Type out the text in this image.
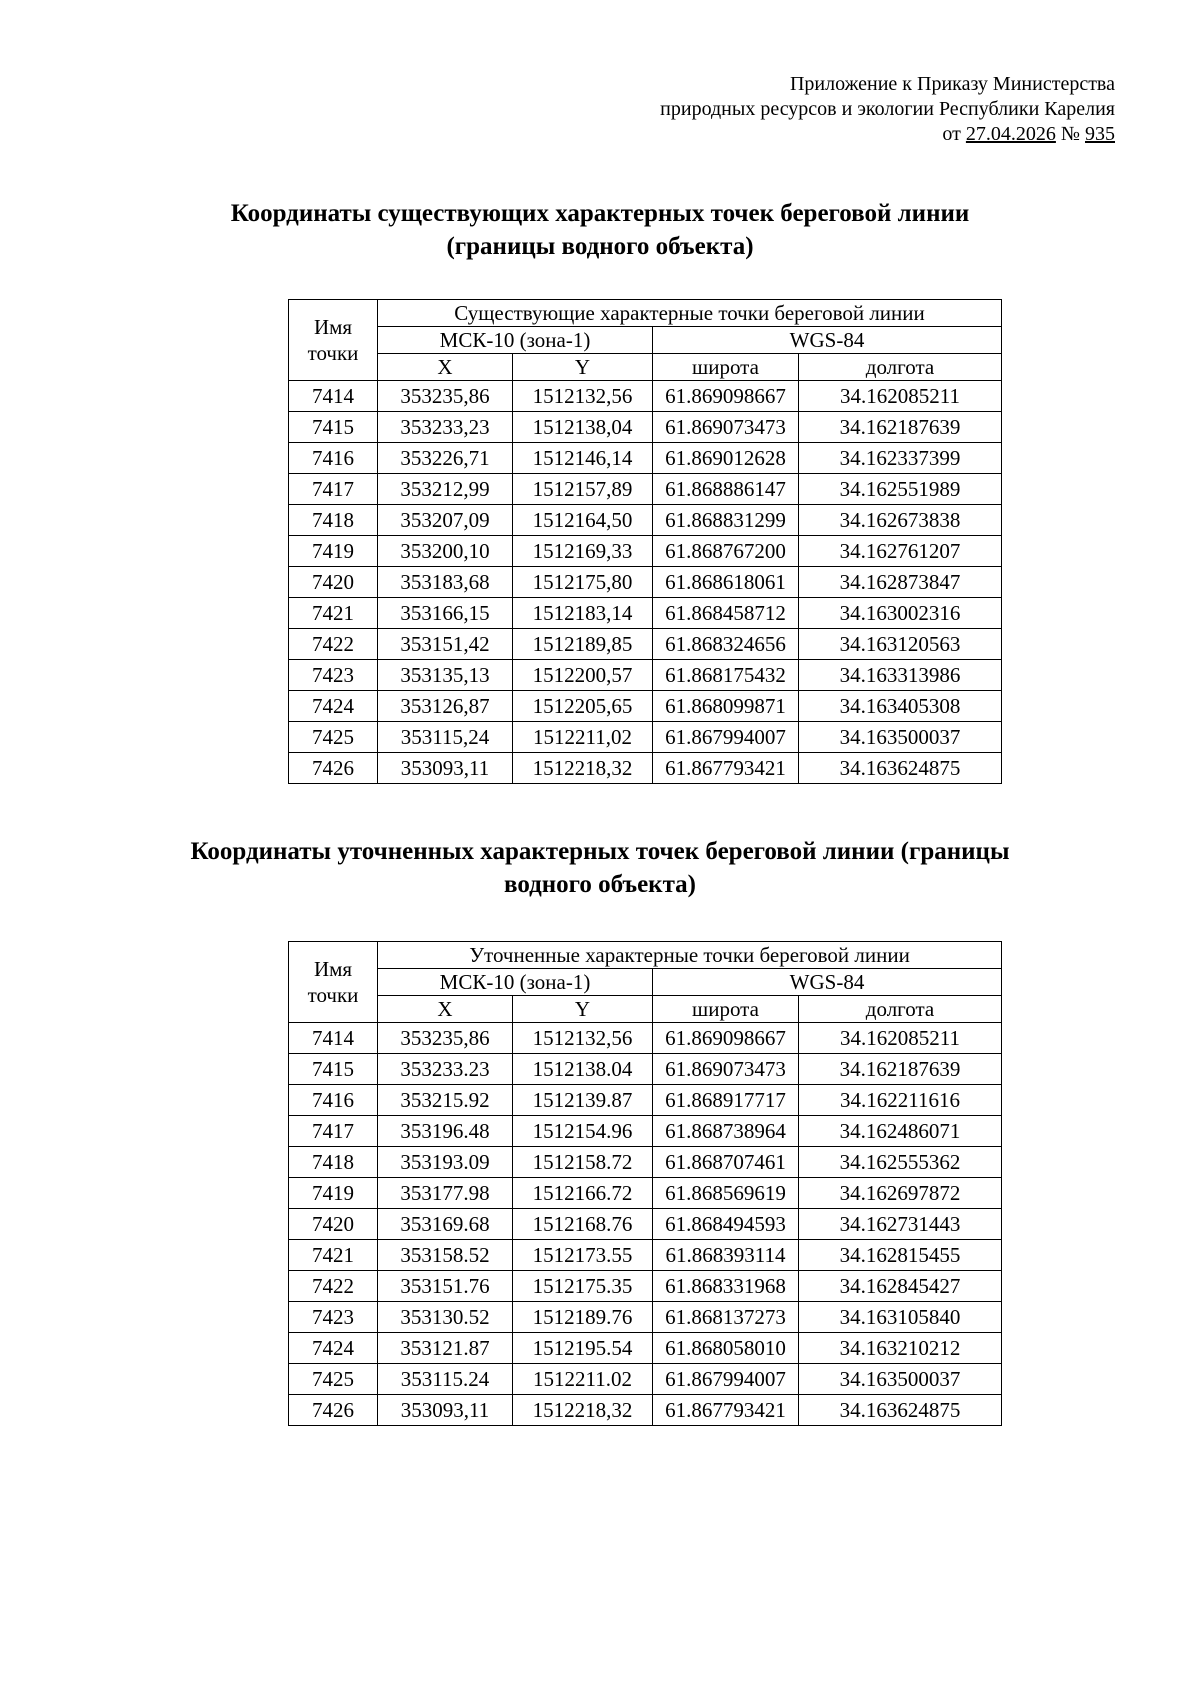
Приложение к Приказу Министерства
природных ресурсов и экологии Республики Карелия
от 27.04.2026 № 935
Координаты существующих характерных точек береговой линии
(границы водного объекта)
Имя
точки	Существующие характерные точки береговой линии			
	МСК-10 (зона-1)		WGS-84	
	X	Y	широта	долгота
7414	353235,86	1512132,56	61.869098667	34.162085211
7415	353233,23	1512138,04	61.869073473	34.162187639
7416	353226,71	1512146,14	61.869012628	34.162337399
7417	353212,99	1512157,89	61.868886147	34.162551989
7418	353207,09	1512164,50	61.868831299	34.162673838
7419	353200,10	1512169,33	61.868767200	34.162761207
7420	353183,68	1512175,80	61.868618061	34.162873847
7421	353166,15	1512183,14	61.868458712	34.163002316
7422	353151,42	1512189,85	61.868324656	34.163120563
7423	353135,13	1512200,57	61.868175432	34.163313986
7424	353126,87	1512205,65	61.868099871	34.163405308
7425	353115,24	1512211,02	61.867994007	34.163500037
7426	353093,11	1512218,32	61.867793421	34.163624875
Координаты уточненных характерных точек береговой линии (границы
водного объекта)
Имя
точки	Уточненные характерные точки береговой линии			
	МСК-10 (зона-1)		WGS-84	
	X	Y	широта	долгота
7414	353235,86	1512132,56	61.869098667	34.162085211
7415	353233.23	1512138.04	61.869073473	34.162187639
7416	353215.92	1512139.87	61.868917717	34.162211616
7417	353196.48	1512154.96	61.868738964	34.162486071
7418	353193.09	1512158.72	61.868707461	34.162555362
7419	353177.98	1512166.72	61.868569619	34.162697872
7420	353169.68	1512168.76	61.868494593	34.162731443
7421	353158.52	1512173.55	61.868393114	34.162815455
7422	353151.76	1512175.35	61.868331968	34.162845427
7423	353130.52	1512189.76	61.868137273	34.163105840
7424	353121.87	1512195.54	61.868058010	34.163210212
7425	353115.24	1512211.02	61.867994007	34.163500037
7426	353093,11	1512218,32	61.867793421	34.163624875
